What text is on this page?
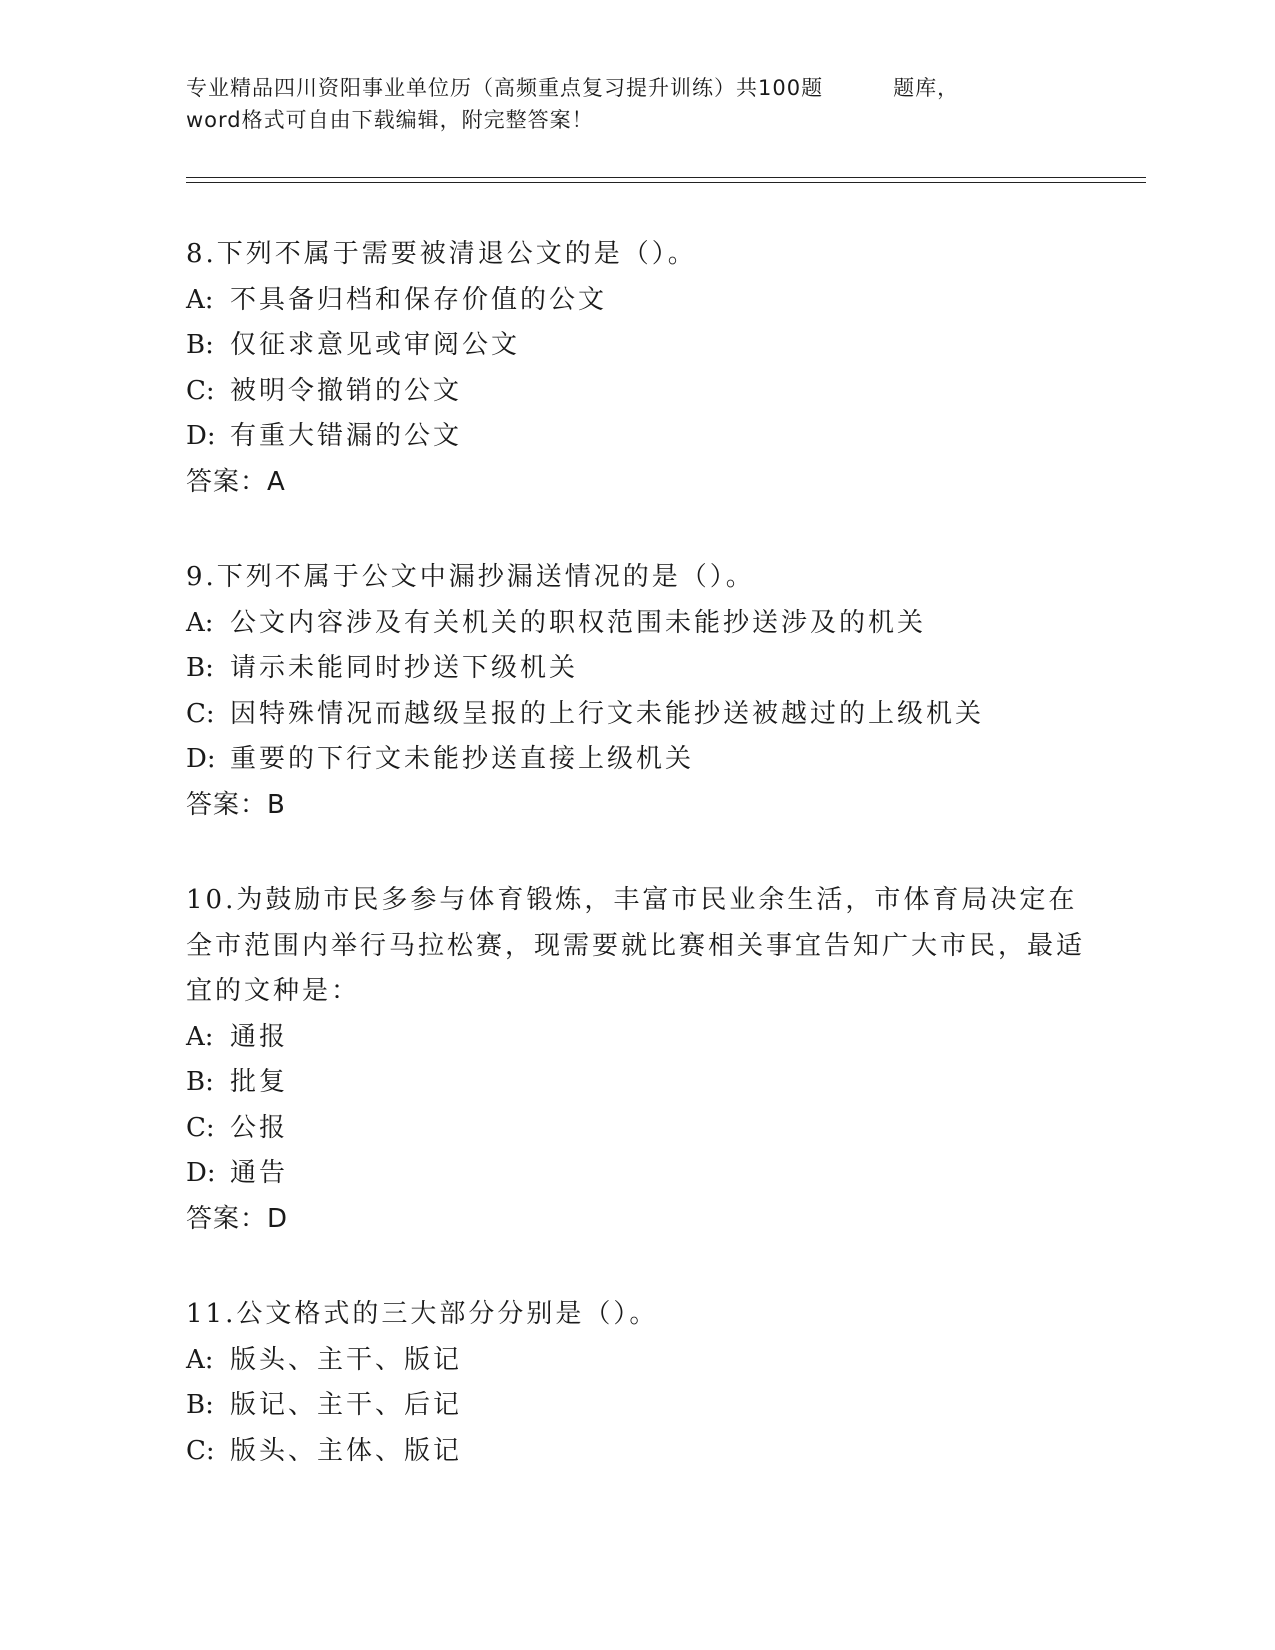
专业精品四川资阳事业单位历（高频重点复习提升训练）共100题	题库，
word格式可自由下载编辑，附完整答案！

8.下列不属于需要被清退公文的是（）。

A: 不具备归档和保存价值的公文

B: 仅征求意见或审阅公文

C: 被明令撤销的公文

D: 有重大错漏的公文

答案：A

9.下列不属于公文中漏抄漏送情况的是（）。

A: 公文内容涉及有关机关的职权范围未能抄送涉及的机关

B: 请示未能同时抄送下级机关

C: 因特殊情况而越级呈报的上行文未能抄送被越过的上级机关

D: 重要的下行文未能抄送直接上级机关

答案：B

10.为鼓励市民多参与体育锻炼，丰富市民业余生活，市体育局决定在全市范围内举行马拉松赛，现需要就比赛相关事宜告知广大市民，最适宜的文种是：

A: 通报

B: 批复

C: 公报

D: 通告

答案：D

11.公文格式的三大部分分别是（）。

A: 版头、主干、版记

B: 版记、主干、后记

C: 版头、主体、版记
